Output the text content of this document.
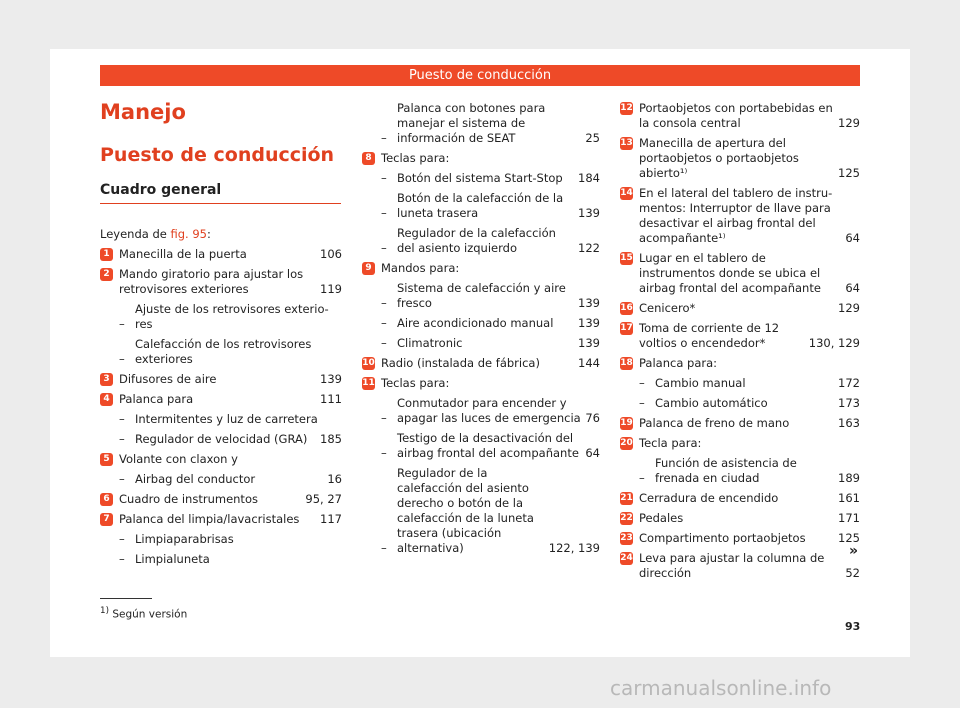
Puesto de conducción
Manejo
Puesto de conducción
Cuadro general
Leyenda de fig. 95:
1 Manecilla de la puerta	106
2 Mando giratorio para ajustar los retrovisores exteriores	119
–
Ajuste de los retrovisores exteriores
–
Calefacción de los retrovisores exteriores
3 Difusores de aire	139
4 Palanca para	111
– Intermitentes y luz de carretera
– Regulador de velocidad (GRA)	185
5 Volante con claxon y
– Airbag del conductor	16
6 Cuadro de instrumentos	95, 27
7 Palanca del limpia/lavacristales	117
– Limpiaparabrisas
– Limpialuneta
–
Palanca con botones para manejar el sistema de información de SEAT	25
8 Teclas para:
– Botón del sistema Start-Stop	184
–
Botón de la calefacción de la luneta trasera	139
–
Regulador de la calefacción del asiento izquierdo	122
9 Mandos para:
–
Sistema de calefacción y aire fresco	139
– Aire acondicionado manual	139
– Climatronic	139
10 Radio (instalada de fábrica)	144
11 Teclas para:
–
Conmutador para encender y apagar las luces de emergencia 76
–
Testigo de la desactivación del airbag frontal del acompañante 64
–
Regulador de la calefacción del asiento derecho o botón de la calefacción de la luneta trasera (ubicación alternativa)	122, 139
12 Portaobjetos con portabebidas en la consola central	129
13 Manecilla de apertura del portaobjetos o portaobjetos abierto¹⁾	125
14 En el lateral del tablero de instrumentos: Interruptor de llave para desactivar el airbag frontal del acompañante¹⁾	64
15 Lugar en el tablero de instrumentos donde se ubica el airbag frontal del acompañante	64
16 Cenicero*	129
17 Toma de corriente de 12 voltios o encendedor*	130, 129
18 Palanca para:
– Cambio manual	172
– Cambio automático	173
19 Palanca de freno de mano	163
20 Tecla para:
–
Función de asistencia de frenada en ciudad	189
21 Cerradura de encendido	161
22 Pedales	171
23 Compartimento portaobjetos	125
24 Leva para ajustar la columna de dirección	52
»
$^{1)}$ Según versión
93
carmanualsonline.info
